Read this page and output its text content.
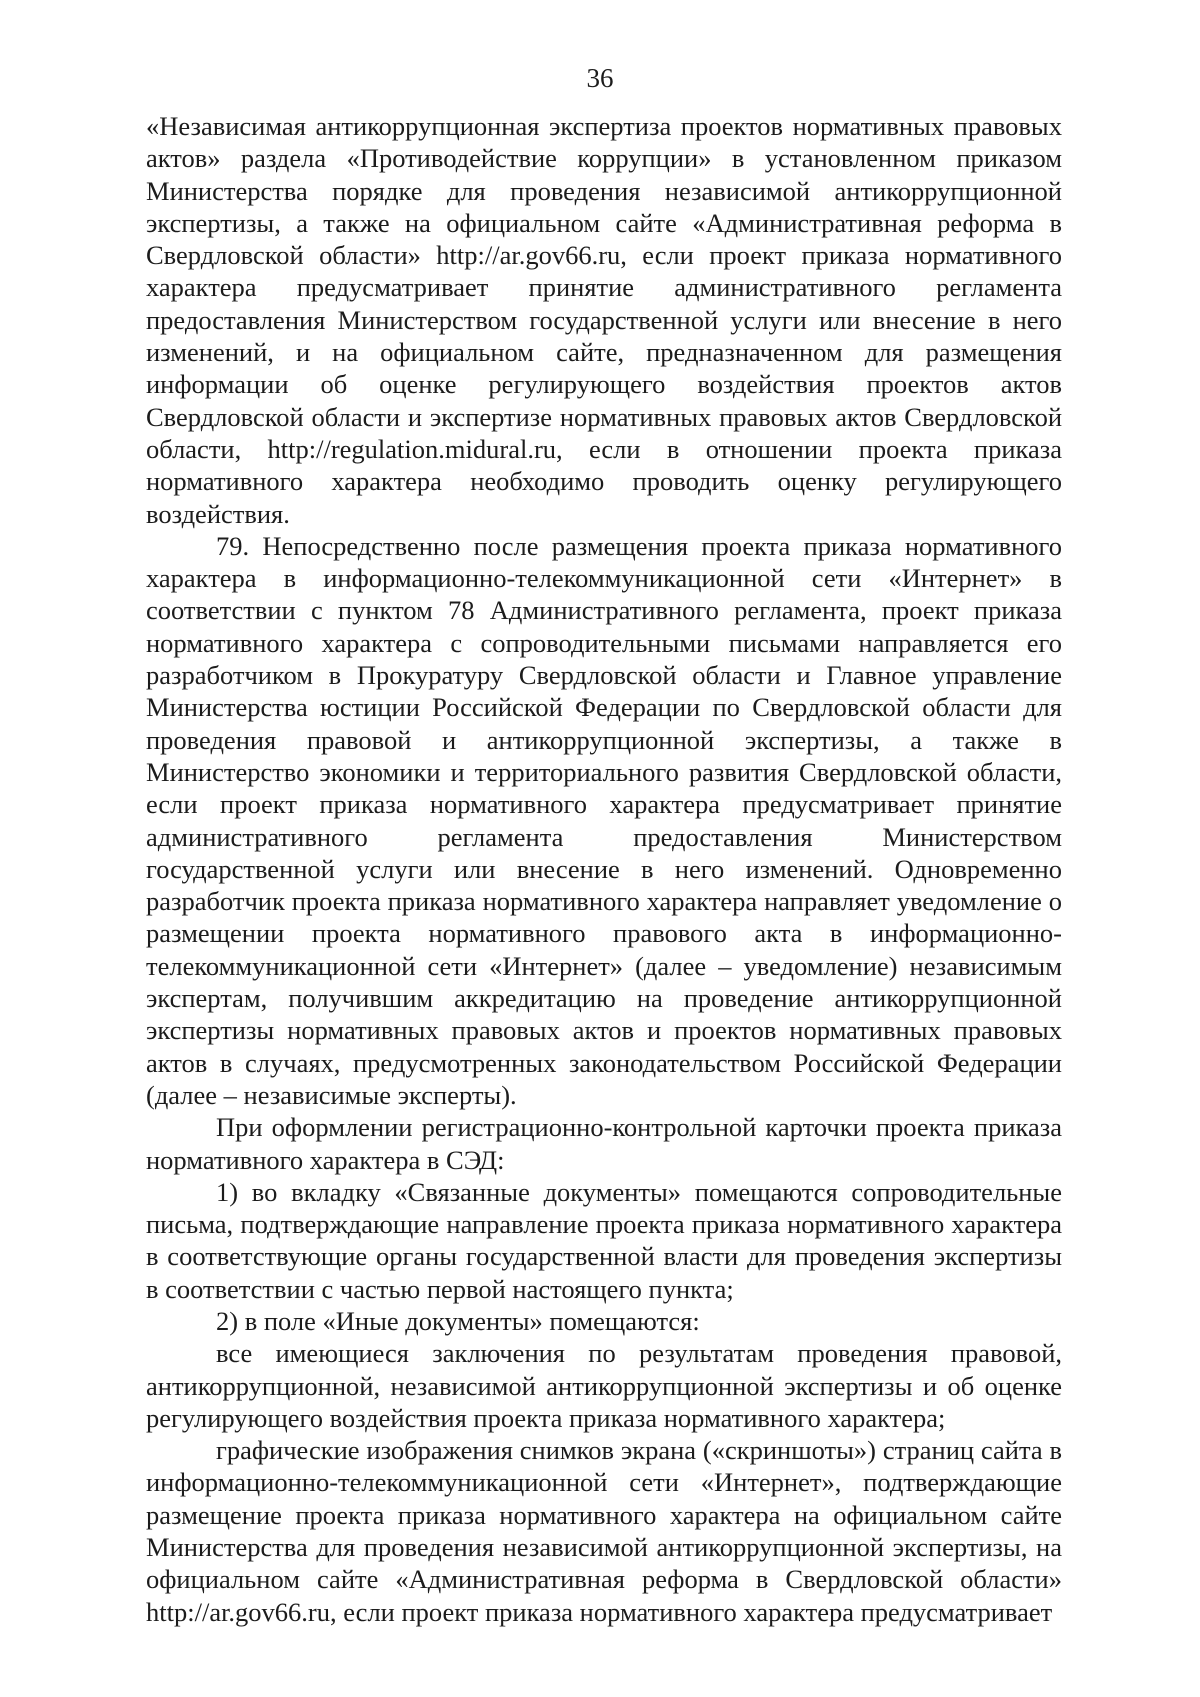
36

«Независимая антикоррупционная экспертиза проектов нормативных правовых актов» раздела «Противодействие коррупции» в установленном приказом Министерства порядке для проведения независимой антикоррупционной экспертизы, а также на официальном сайте «Административная реформа в Свердловской области» http://ar.gov66.ru, если проект приказа нормативного характера предусматривает принятие административного регламента предоставления Министерством государственной услуги или внесение в него изменений, и на официальном сайте, предназначенном для размещения информации об оценке регулирующего воздействия проектов актов Свердловской области и экспертизе нормативных правовых актов Свердловской области, http://regulation.midural.ru, если в отношении проекта приказа нормативного характера необходимо проводить оценку регулирующего воздействия.

79. Непосредственно после размещения проекта приказа нормативного характера в информационно-телекоммуникационной сети «Интернет» в соответствии с пунктом 78 Административного регламента, проект приказа нормативного характера с сопроводительными письмами направляется его разработчиком в Прокуратуру Свердловской области и Главное управление Министерства юстиции Российской Федерации по Свердловской области для проведения правовой и антикоррупционной экспертизы, а также в Министерство экономики и территориального развития Свердловской области, если проект приказа нормативного характера предусматривает принятие административного регламента предоставления Министерством государственной услуги или внесение в него изменений. Одновременно разработчик проекта приказа нормативного характера направляет уведомление о размещении проекта нормативного правового акта в информационно-телекоммуникационной сети «Интернет» (далее – уведомление) независимым экспертам, получившим аккредитацию на проведение антикоррупционной экспертизы нормативных правовых актов и проектов нормативных правовых актов в случаях, предусмотренных законодательством Российской Федерации (далее – независимые эксперты).

При оформлении регистрационно-контрольной карточки проекта приказа нормативного характера в СЭД:

1) во вкладку «Связанные документы» помещаются сопроводительные письма, подтверждающие направление проекта приказа нормативного характера в соответствующие органы государственной власти для проведения экспертизы в соответствии с частью первой настоящего пункта;

2) в поле «Иные документы» помещаются:

все имеющиеся заключения по результатам проведения правовой, антикоррупционной, независимой антикоррупционной экспертизы и об оценке регулирующего воздействия проекта приказа нормативного характера;

графические изображения снимков экрана («скриншоты») страниц сайта в информационно-телекоммуникационной сети «Интернет», подтверждающие размещение проекта приказа нормативного характера на официальном сайте Министерства для проведения независимой антикоррупционной экспертизы, на официальном сайте «Административная реформа в Свердловской области» http://ar.gov66.ru, если проект приказа нормативного характера предусматривает
